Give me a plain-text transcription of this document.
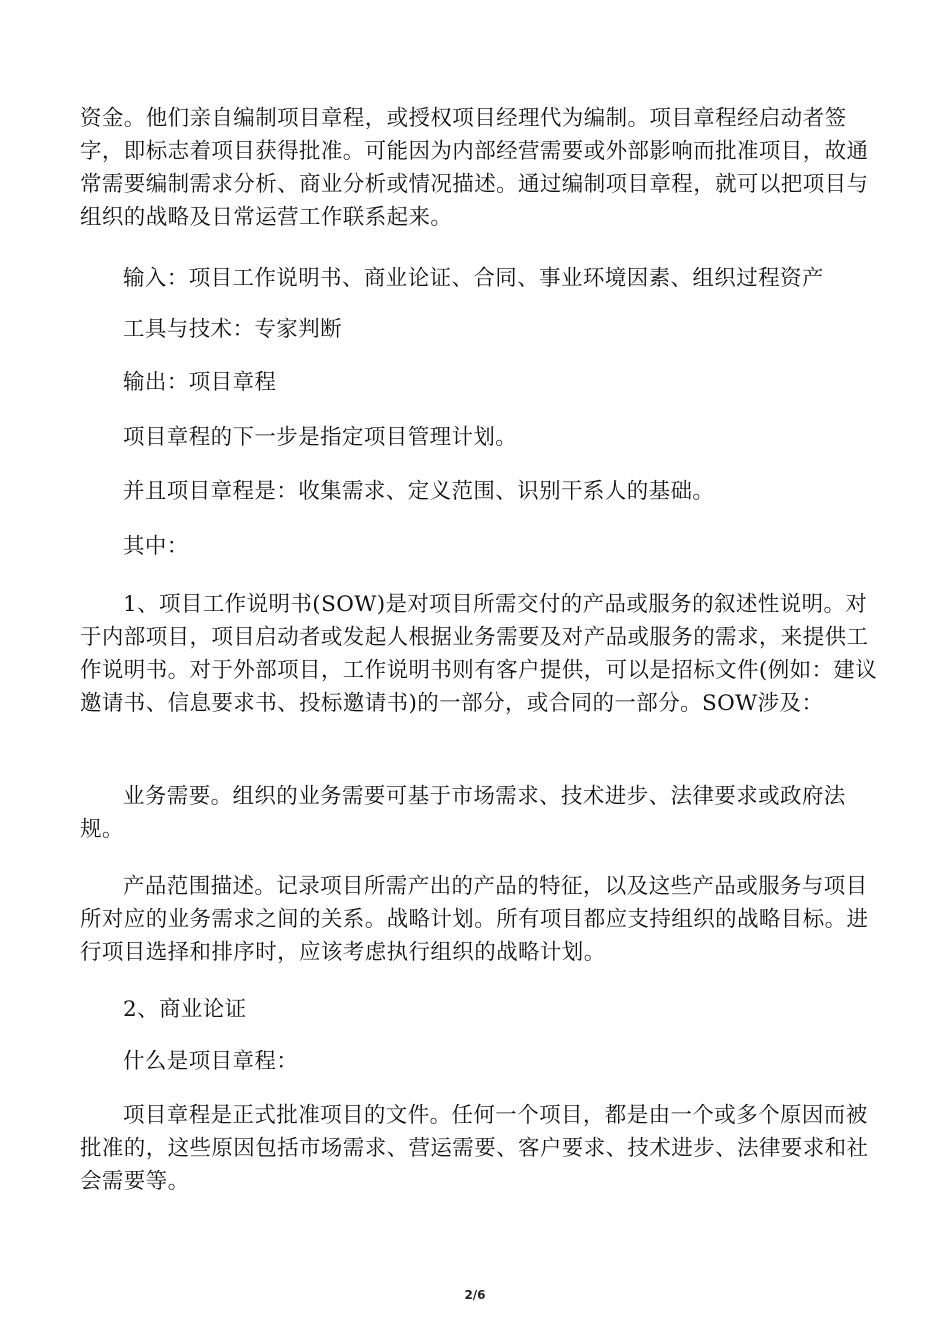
资金。他们亲自编制项目章程，或授权项目经理代为编制。项目章程经启动者签字，即标志着项目获得批准。可能因为内部经营需要或外部影响而批准项目，故通常需要编制需求分析、商业分析或情况描述。通过编制项目章程，就可以把项目与组织的战略及日常运营工作联系起来。

输入：项目工作说明书、商业论证、合同、事业环境因素、组织过程资产

工具与技术：专家判断

输出：项目章程

项目章程的下一步是指定项目管理计划。

并且项目章程是：收集需求、定义范围、识别干系人的基础。

其中：

1、项目工作说明书(SOW)是对项目所需交付的产品或服务的叙述性说明。对于内部项目，项目启动者或发起人根据业务需要及对产品或服务的需求，来提供工作说明书。对于外部项目，工作说明书则有客户提供，可以是招标文件(例如：建议邀请书、信息要求书、投标邀请书)的一部分，或合同的一部分。SOW涉及：

业务需要。组织的业务需要可基于市场需求、技术进步、法律要求或政府法规。

产品范围描述。记录项目所需产出的产品的特征，以及这些产品或服务与项目所对应的业务需求之间的关系。战略计划。所有项目都应支持组织的战略目标。进行项目选择和排序时，应该考虑执行组织的战略计划。

2、商业论证

什么是项目章程：

项目章程是正式批准项目的文件。任何一个项目，都是由一个或多个原因而被批准的，这些原因包括市场需求、营运需要、客户要求、技术进步、法律要求和社会需要等。

2/6
